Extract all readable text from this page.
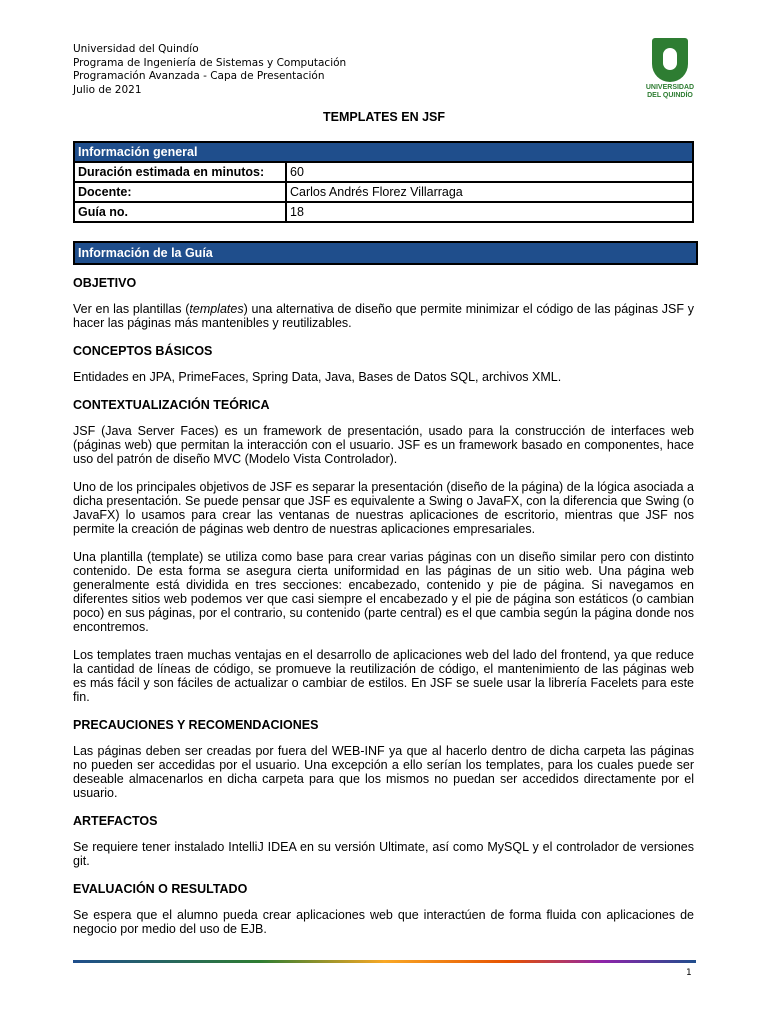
Universidad del Quindío
Programa de Ingeniería de Sistemas y Computación
Programación Avanzada - Capa de Presentación
Julio de 2021	UNIVERSIDAD
DEL QUINDÍO
TEMPLATES EN JSF
Información general	
Duración estimada en minutos:	60
Docente:	Carlos Andrés Florez Villarraga
Guía no.	18
Información de la Guía
OBJETIVO

Ver en las plantillas (templates) una alternativa de diseño que permite minimizar el código de las páginas JSF y hacer las páginas más mantenibles y reutilizables.

CONCEPTOS BÁSICOS

Entidades en JPA, PrimeFaces, Spring Data, Java, Bases de Datos SQL, archivos XML.

CONTEXTUALIZACIÓN TEÓRICA

JSF (Java Server Faces) es un framework de presentación, usado para la construcción de interfaces web (páginas web) que permitan la interacción con el usuario. JSF es un framework basado en componentes, hace uso del patrón de diseño MVC (Modelo Vista Controlador).

Uno de los principales objetivos de JSF es separar la presentación (diseño de la página) de la lógica asociada a dicha presentación. Se puede pensar que JSF es equivalente a Swing o JavaFX, con la diferencia que Swing (o JavaFX) lo usamos para crear las ventanas de nuestras aplicaciones de escritorio, mientras que JSF nos permite la creación de páginas web dentro de nuestras aplicaciones empresariales.

Una plantilla (template) se utiliza como base para crear varias páginas con un diseño similar pero con distinto contenido. De esta forma se asegura cierta uniformidad en las páginas de un sitio web. Una página web generalmente está dividida en tres secciones: encabezado, contenido y pie de página. Si navegamos en diferentes sitios web podemos ver que casi siempre el encabezado y el pie de página son estáticos (o cambian poco) en sus páginas, por el contrario, su contenido (parte central) es el que cambia según la página donde nos encontremos.

Los templates traen muchas ventajas en el desarrollo de aplicaciones web del lado del frontend, ya que reduce la cantidad de líneas de código, se promueve la reutilización de código, el mantenimiento de las páginas web es más fácil y son fáciles de actualizar o cambiar de estilos. En JSF se suele usar la librería Facelets para este fin.

PRECAUCIONES Y RECOMENDACIONES

Las páginas deben ser creadas por fuera del WEB-INF ya que al hacerlo dentro de dicha carpeta las páginas no pueden ser accedidas por el usuario. Una excepción a ello serían los templates, para los cuales puede ser deseable almacenarlos en dicha carpeta para que los mismos no puedan ser accedidos directamente por el usuario.

ARTEFACTOS

Se requiere tener instalado IntelliJ IDEA en su versión Ultimate, así como MySQL y el controlador de versiones git.

EVALUACIÓN O RESULTADO

Se espera que el alumno pueda crear aplicaciones web que interactúen de forma fluida con aplicaciones de negocio por medio del uso de EJB.

1
